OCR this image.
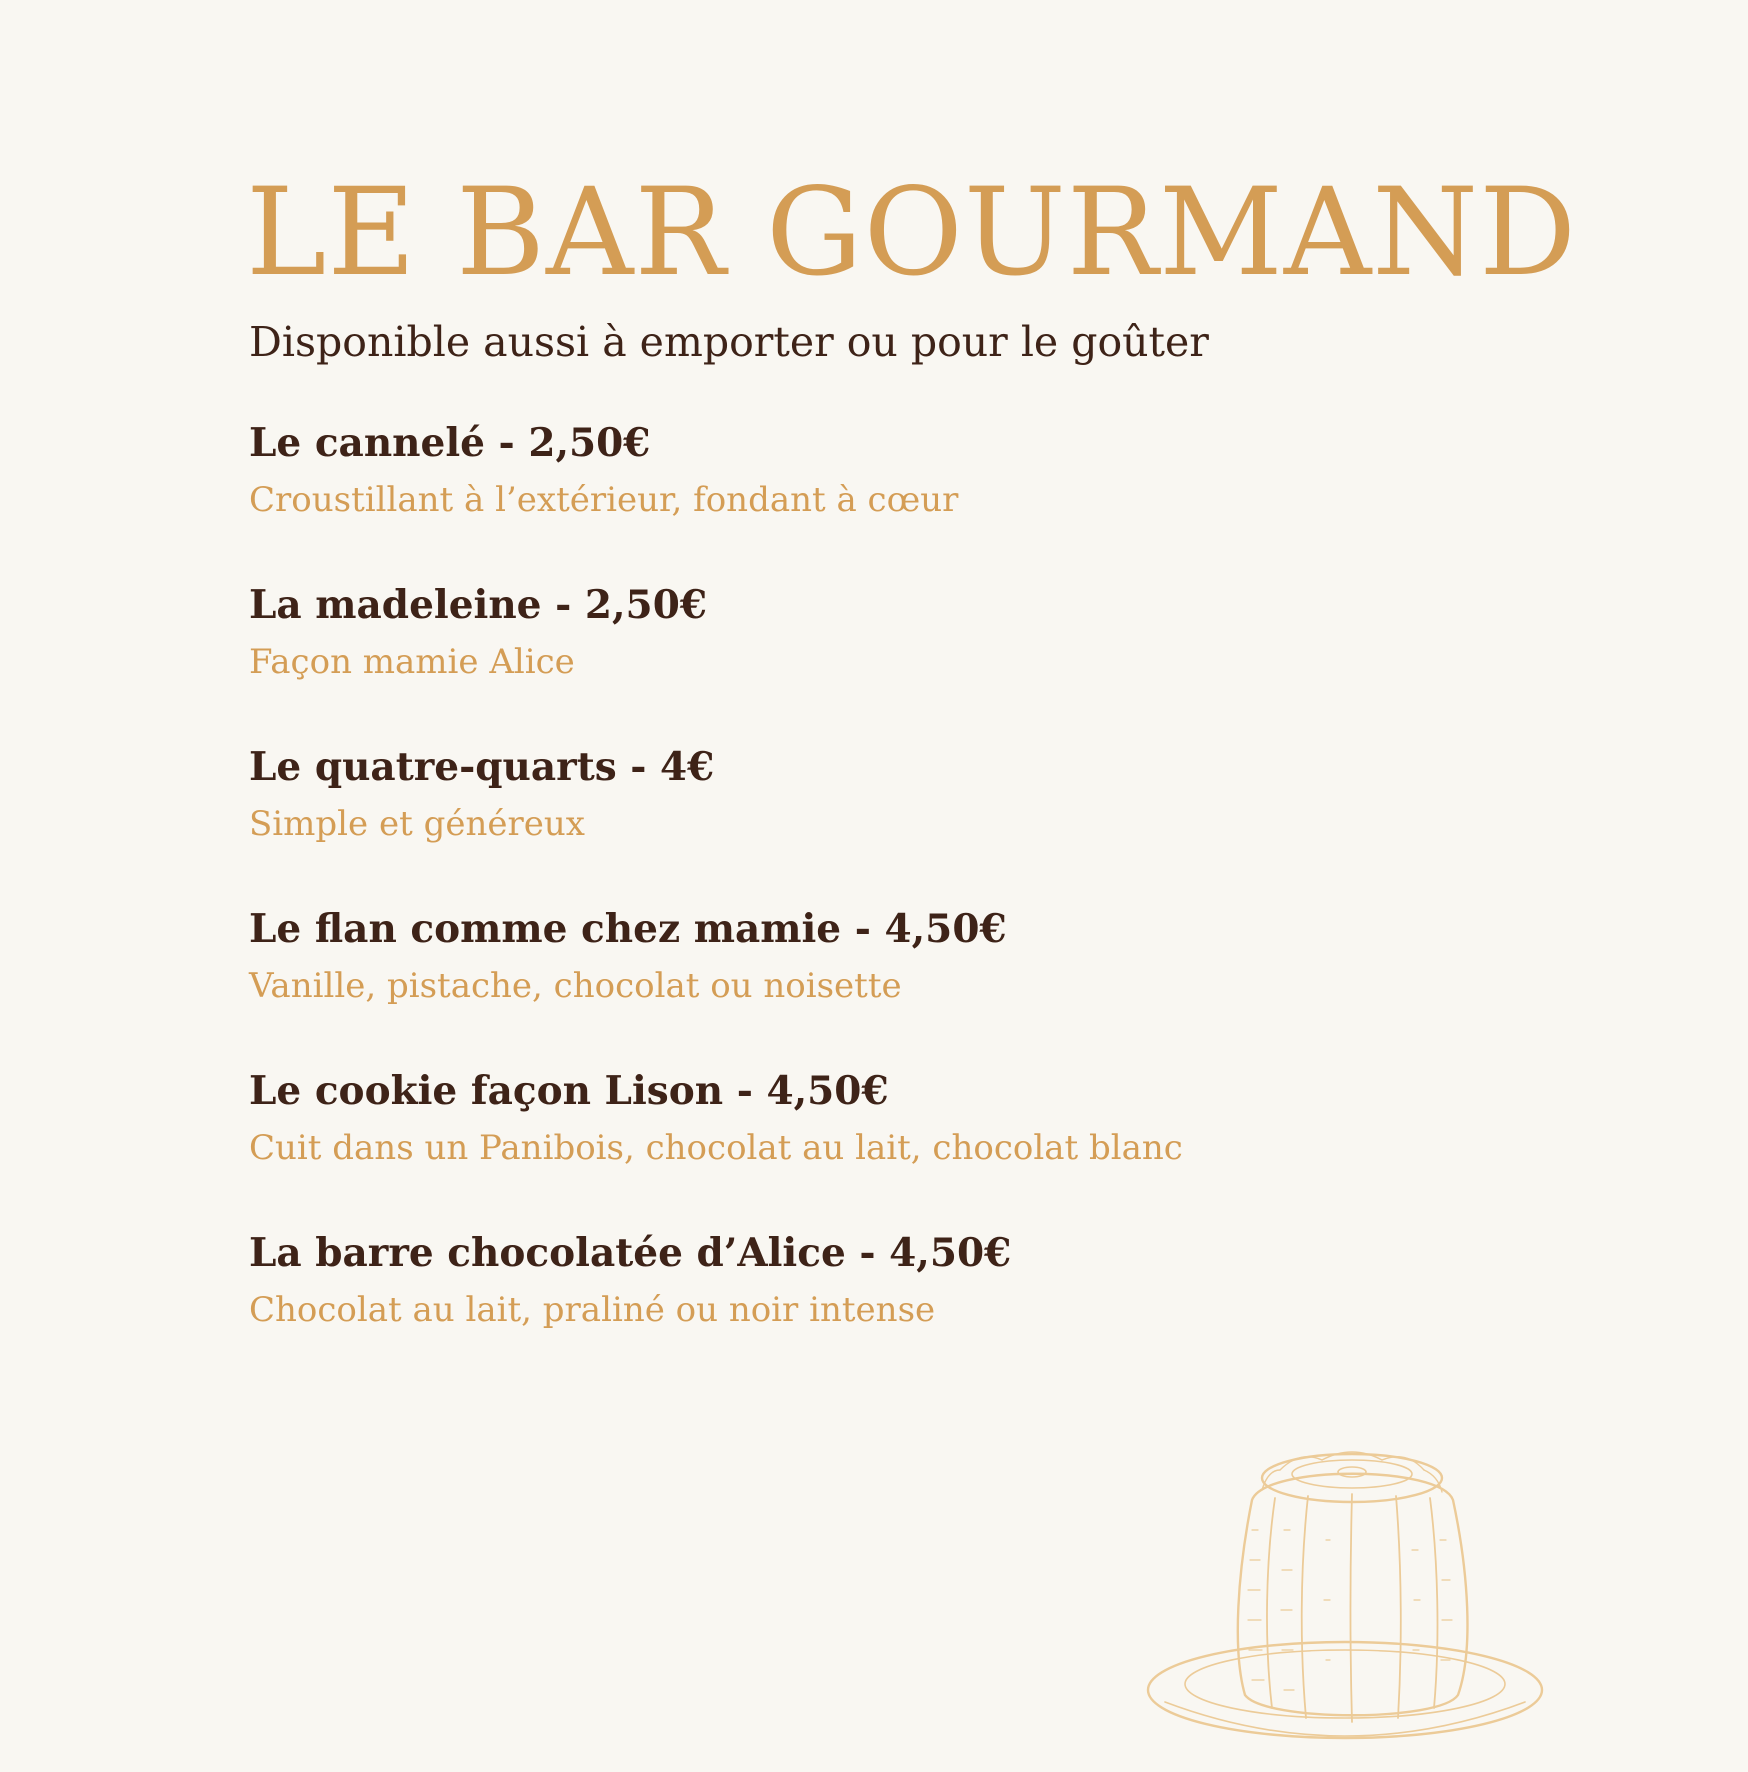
LE BAR GOURMAND

Disponible aussi à emporter ou pour le goûter

Le cannelé - 2,50€
Croustillant à l’extérieur, fondant à cœur
La madeleine - 2,50€
Façon mamie Alice
Le quatre-quarts - 4€
Simple et généreux
Le flan comme chez mamie - 4,50€
Vanille, pistache, chocolat ou noisette
Le cookie façon Lison - 4,50€
Cuit dans un Panibois, chocolat au lait, chocolat blanc
La barre chocolatée d’Alice - 4,50€
Chocolat au lait, praliné ou noir intense
